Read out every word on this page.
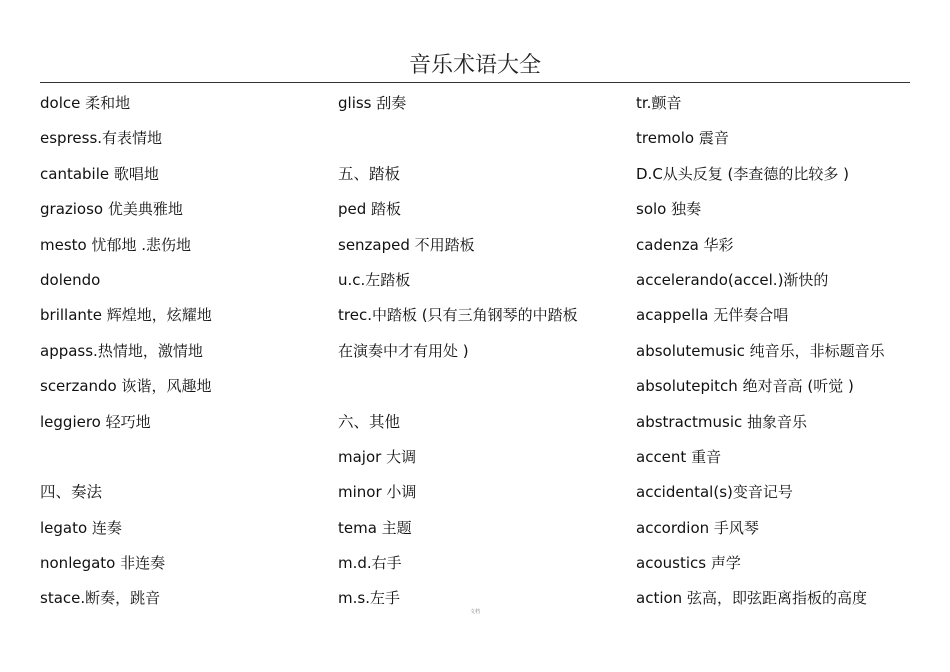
音乐术语大全
dolce 柔和地
espress.有表情地
cantabile 歌唱地
grazioso 优美典雅地
mesto 忧郁地 .悲伤地
dolendo
brillante 辉煌地，炫耀地
appass.热情地，激情地
scerzando 诙谐，风趣地
leggiero 轻巧地
四、奏法
legato 连奏
nonlegato 非连奏
stace.断奏，跳音
gliss 刮奏
五、踏板
ped 踏板
senzaped 不用踏板
u.c.左踏板
trec.中踏板 (只有三角钢琴的中踏板
在演奏中才有用处 )
六、其他
major 大调
minor 小调
tema 主题
m.d.右手
m.s.左手
tr.颤音
tremolo 震音
D.C从头反复 (李查德的比较多 )
solo 独奏
cadenza 华彩
accelerando(accel.)渐快的
acappella 无伴奏合唱
absolutemusic 纯音乐，非标题音乐
absolutepitch 绝对音高 (听觉 )
abstractmusic 抽象音乐
accent 重音
accidental(s)变音记号
accordion 手风琴
acoustics 声学
action 弦高，即弦距离指板的高度
文档
